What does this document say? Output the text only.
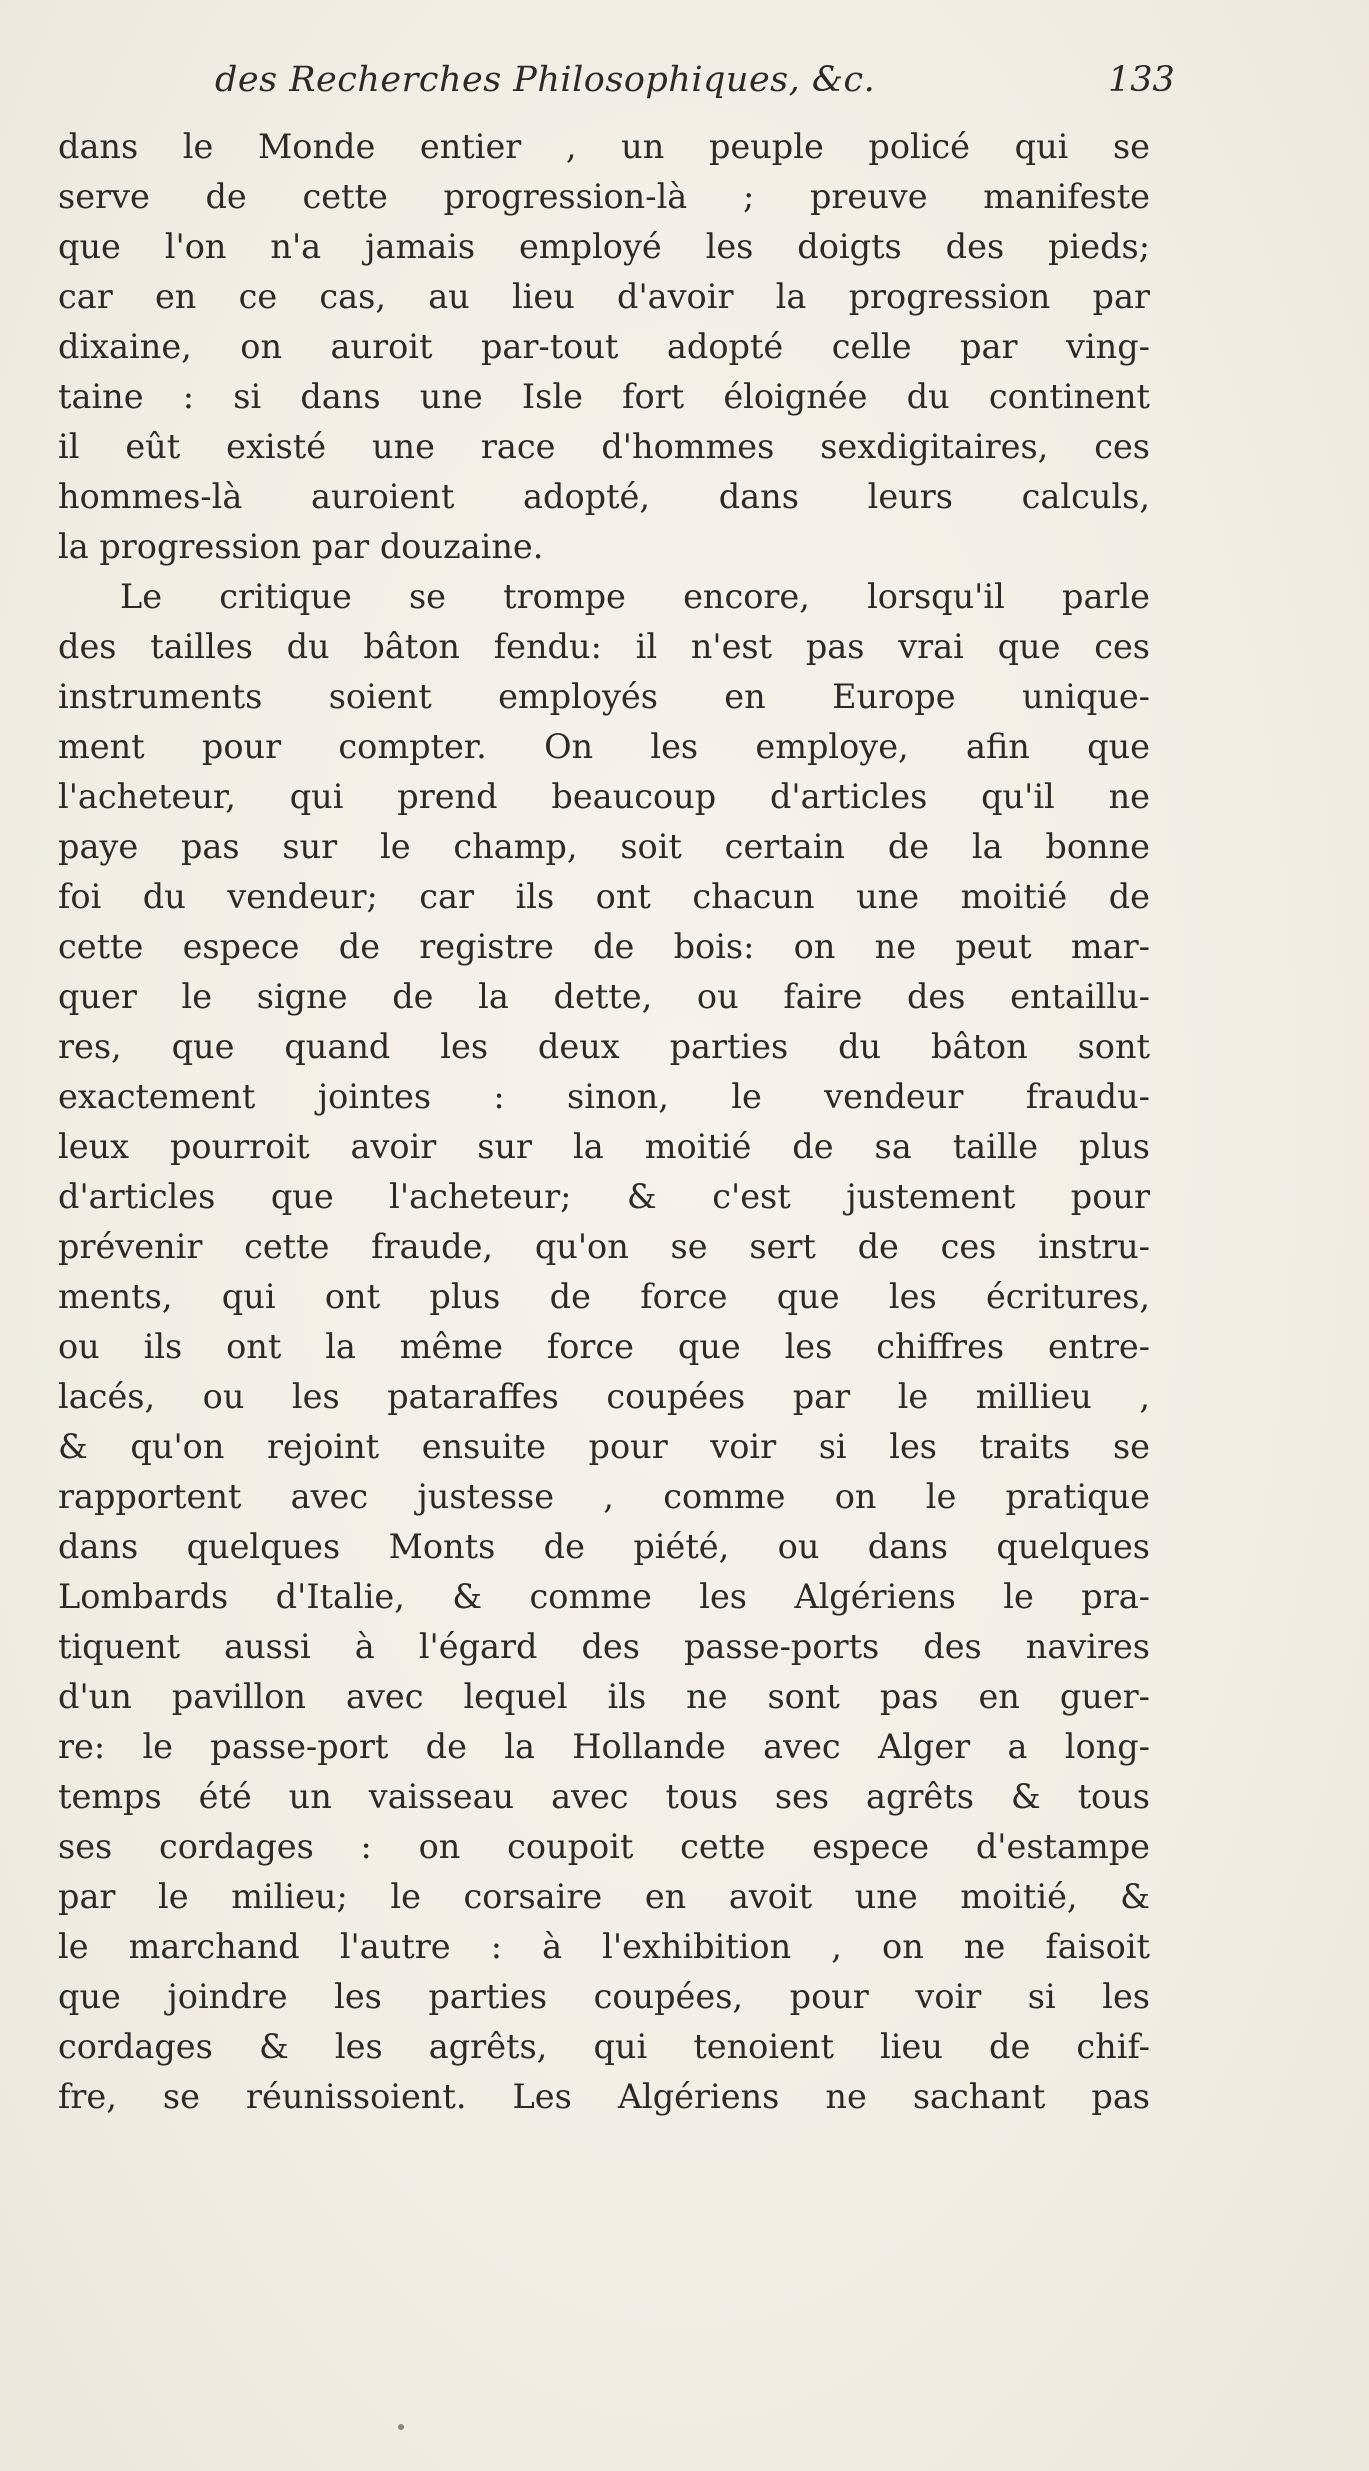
des Recherches Philosophiques, &c.	133
dans le Monde entier , un peuple policé qui se
serve de cette progression-là ; preuve manifeste
que l'on n'a jamais employé les doigts des pieds;
car en ce cas, au lieu d'avoir la progression par
dixaine, on auroit par-tout adopté celle par ving-
taine : si dans une Isle fort éloignée du continent
il eût existé une race d'hommes sexdigitaires, ces
hommes-là auroient adopté, dans leurs calculs,
la progression par douzaine.
Le critique se trompe encore, lorsqu'il parle
des tailles du bâton fendu: il n'est pas vrai que ces
instruments soient employés en Europe unique-
ment pour compter. On les employe, afin que
l'acheteur, qui prend beaucoup d'articles qu'il ne
paye pas sur le champ, soit certain de la bonne
foi du vendeur; car ils ont chacun une moitié de
cette espece de registre de bois: on ne peut mar-
quer le signe de la dette, ou faire des entaillu-
res, que quand les deux parties du bâton sont
exactement jointes : sinon, le vendeur fraudu-
leux pourroit avoir sur la moitié de sa taille plus
d'articles que l'acheteur; & c'est justement pour
prévenir cette fraude, qu'on se sert de ces instru-
ments, qui ont plus de force que les écritures,
ou ils ont la même force que les chiffres entre-
lacés, ou les pataraffes coupées par le millieu ,
& qu'on rejoint ensuite pour voir si les traits se
rapportent avec justesse , comme on le pratique
dans quelques Monts de piété, ou dans quelques
Lombards d'Italie, & comme les Algériens le pra-
tiquent aussi à l'égard des passe-ports des navires
d'un pavillon avec lequel ils ne sont pas en guer-
re: le passe-port de la Hollande avec Alger a long-
temps été un vaisseau avec tous ses agrêts & tous
ses cordages : on coupoit cette espece d'estampe
par le milieu; le corsaire en avoit une moitié, &
le marchand l'autre : à l'exhibition , on ne faisoit
que joindre les parties coupées, pour voir si les
cordages & les agrêts, qui tenoient lieu de chif-
fre, se réunissoient. Les Algériens ne sachant pas
